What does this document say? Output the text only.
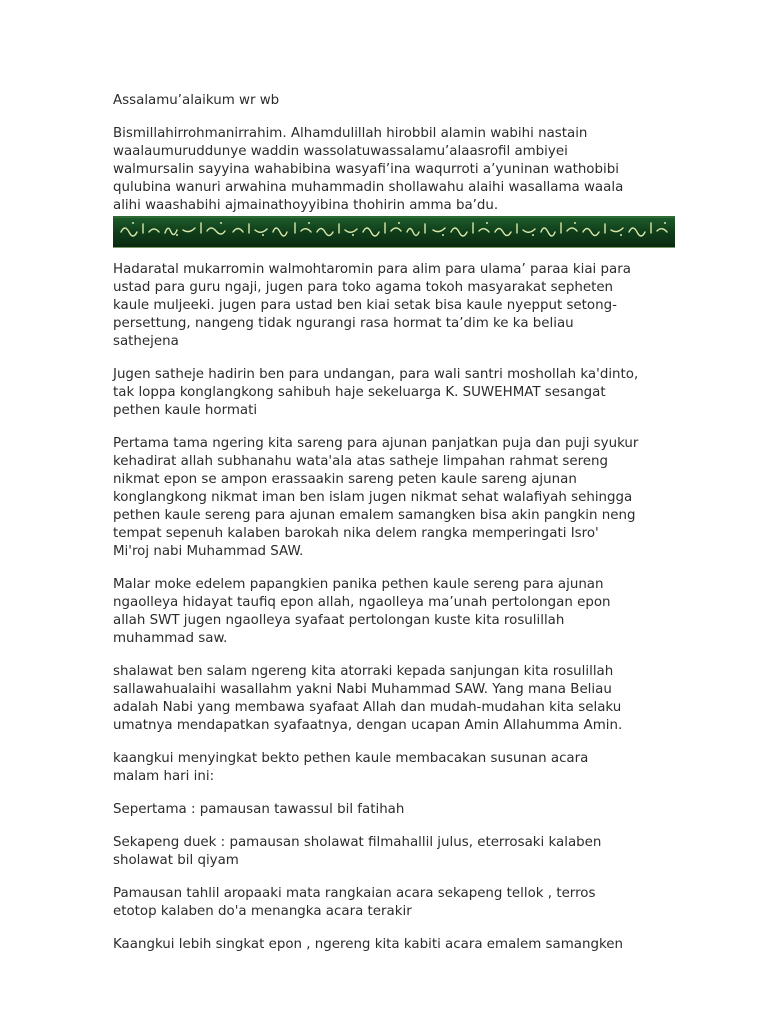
Assalamu’alaikum wr wb

Bismillahirrohmanirrahim. Alhamdulillah hirobbil alamin wabihi nastain
waalaumuruddunye waddin wassolatuwassalamu’alaasrofil ambiyei
walmursalin sayyina wahabibina wasyafi’ina waqurroti a’yuninan wathobibi
qulubina wanuri arwahina muhammadin shollawahu alaihi wasallama waala
alihi waashabihi ajmainathoyyibina thohirin amma ba’du.

Hadaratal mukarromin walmohtaromin para alim para ulama’ paraa kiai para
ustad para guru ngaji, jugen para toko agama tokoh masyarakat sepheten
kaule muljeeki. jugen para ustad ben kiai setak bisa kaule nyepput setong-
persettung, nangeng tidak ngurangi rasa hormat ta’dim ke ka beliau
sathejena

Jugen satheje hadirin ben para undangan, para wali santri moshollah ka'dinto,
tak loppa konglangkong sahibuh haje sekeluarga K. SUWEHMAT sesangat
pethen kaule hormati

Pertama tama ngering kita sareng para ajunan panjatkan puja dan puji syukur
kehadirat allah subhanahu wata'ala atas satheje limpahan rahmat sereng
nikmat epon se ampon erassaakin sareng peten kaule sareng ajunan
konglangkong nikmat iman ben islam jugen nikmat sehat walafiyah sehingga
pethen kaule sereng para ajunan emalem samangken bisa akin pangkin neng
tempat sepenuh kalaben barokah nika delem rangka memperingati Isro'
Mi'roj nabi Muhammad SAW.

Malar moke edelem papangkien panika pethen kaule sereng para ajunan
ngaolleya hidayat taufiq epon allah, ngaolleya ma’unah pertolongan epon
allah SWT jugen ngaolleya syafaat pertolongan kuste kita rosulillah
muhammad saw.

shalawat ben salam ngereng kita atorraki kepada sanjungan kita rosulillah
sallawahualaihi wasallahm yakni Nabi Muhammad SAW. Yang mana Beliau
adalah Nabi yang membawa syafaat Allah dan mudah-mudahan kita selaku
umatnya mendapatkan syafaatnya, dengan ucapan Amin Allahumma Amin.

kaangkui menyingkat bekto pethen kaule membacakan susunan acara
malam hari ini:

Sepertama : pamausan tawassul bil fatihah

Sekapeng duek : pamausan sholawat filmahallil julus, eterrosaki kalaben
sholawat bil qiyam

Pamausan tahlil aropaaki mata rangkaian acara sekapeng tellok , terros
etotop kalaben do'a menangka acara terakir

Kaangkui lebih singkat epon , ngereng kita kabiti acara emalem samangken
